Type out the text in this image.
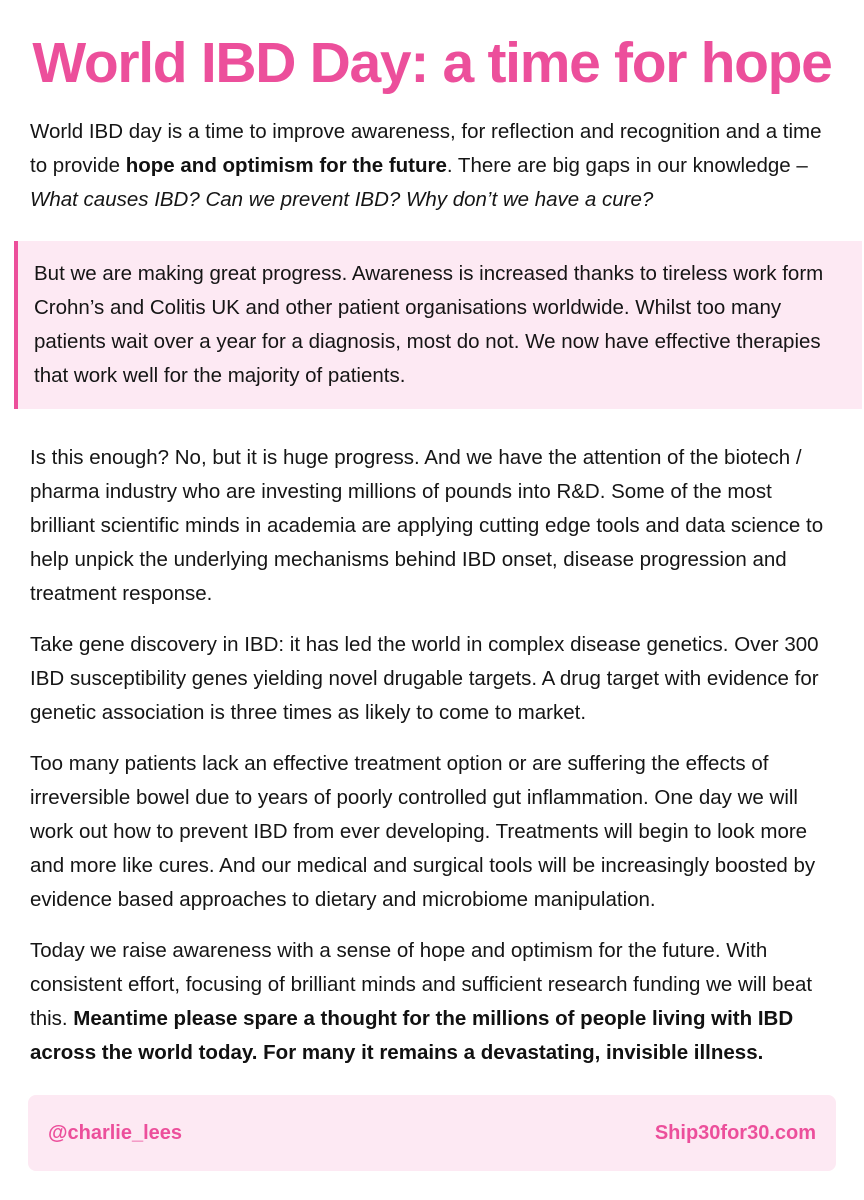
World IBD Day: a time for hope

World IBD day is a time to improve awareness, for reflection and recognition and a time to provide hope and optimism for the future. There are big gaps in our knowledge – What causes IBD? Can we prevent IBD? Why don’t we have a cure?

But we are making great progress. Awareness is increased thanks to tireless work form Crohn’s and Colitis UK and other patient organisations worldwide. Whilst too many patients wait over a year for a diagnosis, most do not. We now have effective therapies that work well for the majority of patients.

Is this enough? No, but it is huge progress. And we have the attention of the biotech / pharma industry who are investing millions of pounds into R&D. Some of the most brilliant scientific minds in academia are applying cutting edge tools and data science to help unpick the underlying mechanisms behind IBD onset, disease progression and treatment response.

Take gene discovery in IBD: it has led the world in complex disease genetics. Over 300 IBD susceptibility genes yielding novel drugable targets. A drug target with evidence for genetic association is three times as likely to come to market.

Too many patients lack an effective treatment option or are suffering the effects of irreversible bowel due to years of poorly controlled gut inflammation. One day we will work out how to prevent IBD from ever developing. Treatments will begin to look more and more like cures. And our medical and surgical tools will be increasingly boosted by evidence based approaches to dietary and microbiome manipulation.

Today we raise awareness with a sense of hope and optimism for the future. With consistent effort, focusing of brilliant minds and sufficient research funding we will beat this. Meantime please spare a thought for the millions of people living with IBD across the world today. For many it remains a devastating, invisible illness.

@charlie_lees	Ship30for30.com
